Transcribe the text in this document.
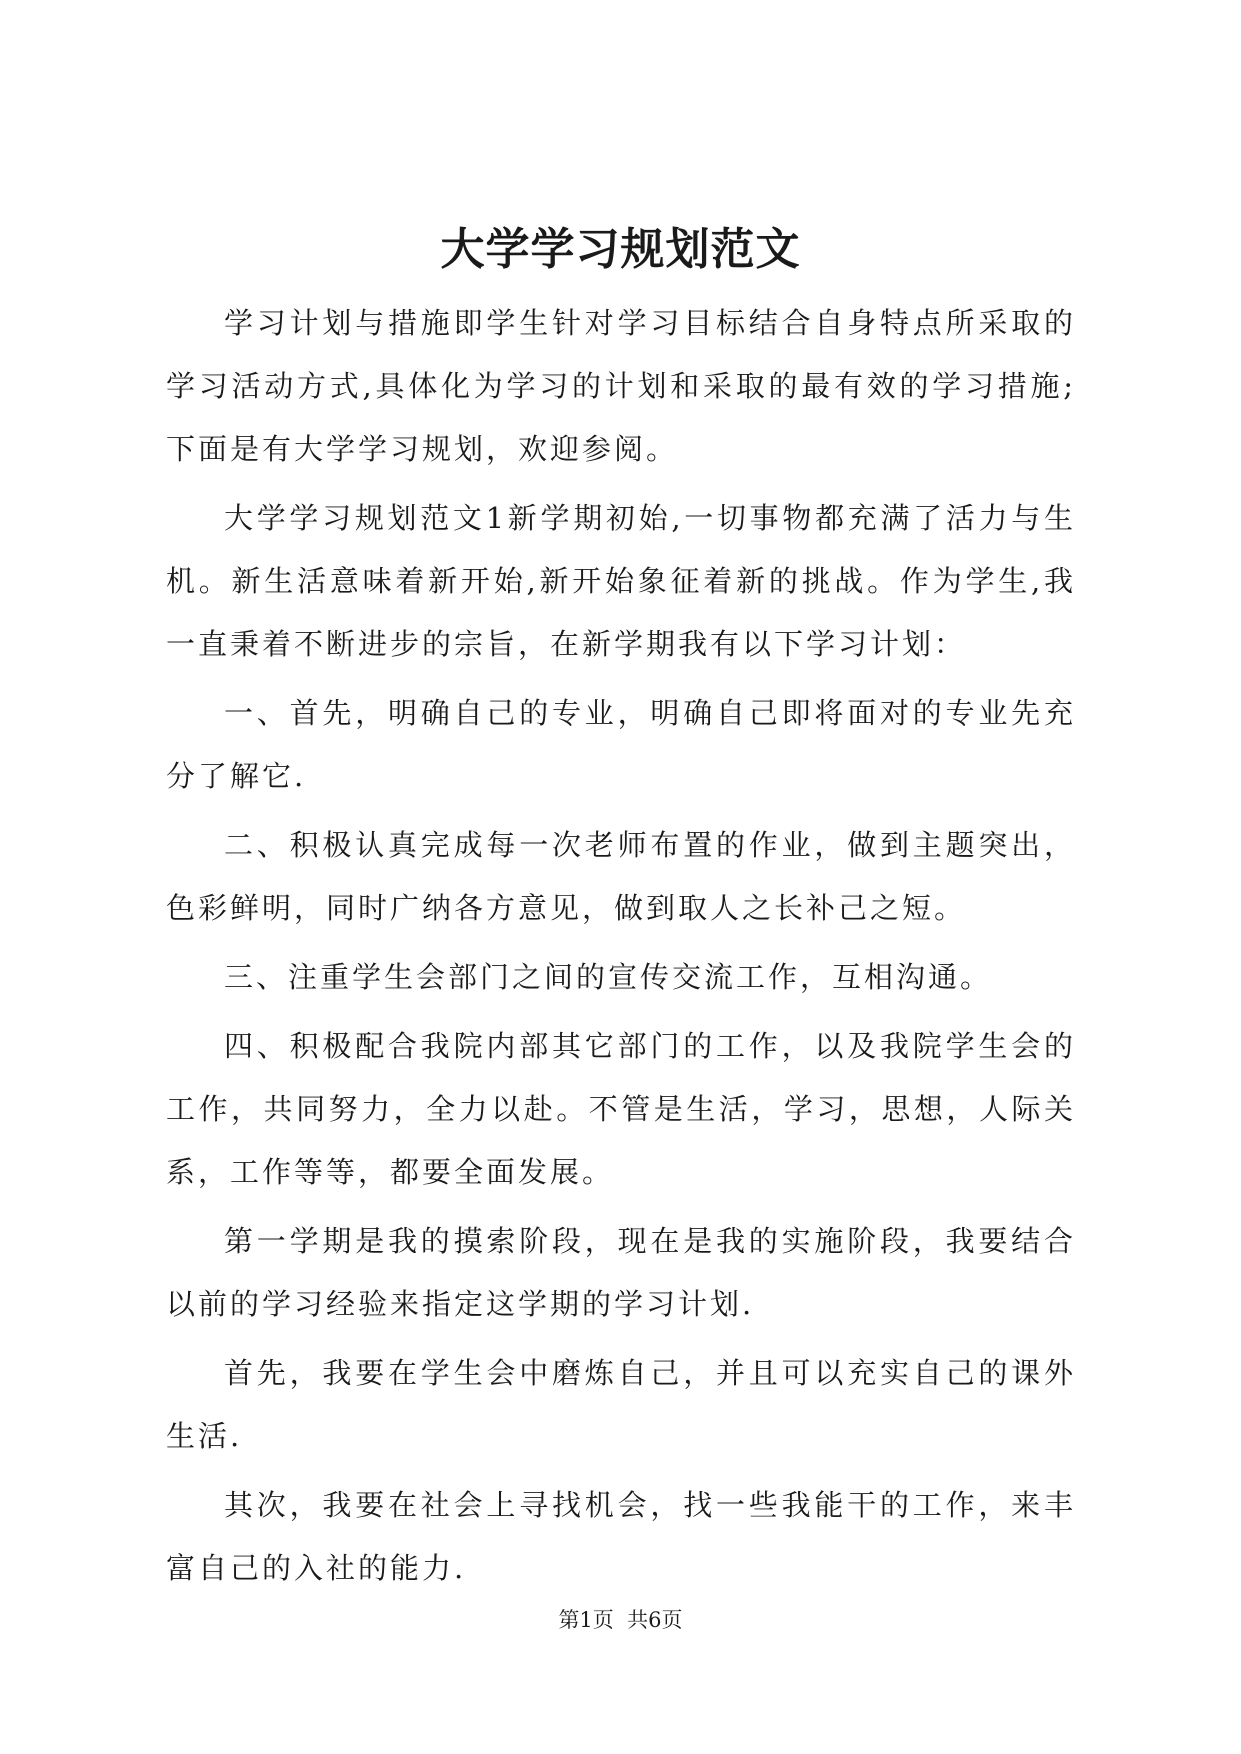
大学学习规划范文

学习计划与措施即学生针对学习目标结合自身特点所采取的学习活动方式,具体化为学习的计划和采取的最有效的学习措施;下面是有大学学习规划，欢迎参阅。

大学学习规划范文1新学期初始,一切事物都充满了活力与生机。新生活意味着新开始,新开始象征着新的挑战。作为学生,我一直秉着不断进步的宗旨，在新学期我有以下学习计划：

一、首先，明确自己的专业，明确自己即将面对的专业先充分了解它.

二、积极认真完成每一次老师布置的作业，做到主题突出，色彩鲜明，同时广纳各方意见，做到取人之长补己之短。

三、注重学生会部门之间的宣传交流工作，互相沟通。

四、积极配合我院内部其它部门的工作，以及我院学生会的工作，共同努力，全力以赴。不管是生活，学习，思想，人际关系，工作等等，都要全面发展。

第一学期是我的摸索阶段，现在是我的实施阶段，我要结合以前的学习经验来指定这学期的学习计划.

首先，我要在学生会中磨炼自己，并且可以充实自己的课外生活.

其次，我要在社会上寻找机会，找一些我能干的工作，来丰富自己的入社的能力.

第1页 共6页
